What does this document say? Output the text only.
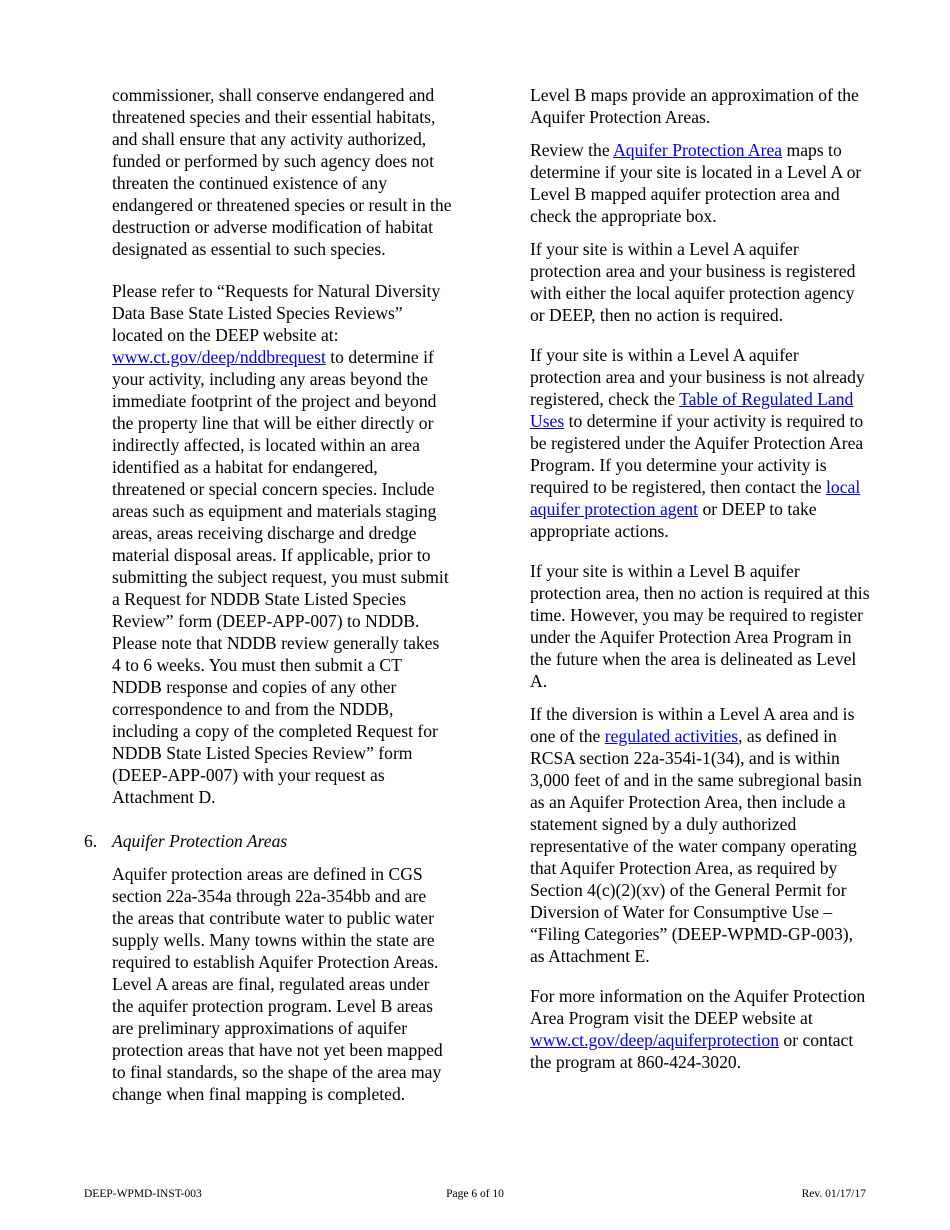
commissioner, shall conserve endangered and threatened species and their essential habitats, and shall ensure that any activity authorized, funded or performed by such agency does not threaten the continued existence of any endangered or threatened species or result in the destruction or adverse modification of habitat designated as essential to such species.

Please refer to “Requests for Natural Diversity Data Base State Listed Species Reviews” located on the DEEP website at: www.ct.gov/deep/nddbrequest to determine if your activity, including any areas beyond the immediate footprint of the project and beyond the property line that will be either directly or indirectly affected, is located within an area identified as a habitat for endangered, threatened or special concern species. Include areas such as equipment and materials staging areas, areas receiving discharge and dredge material disposal areas. If applicable, prior to submitting the subject request, you must submit a Request for NDDB State Listed Species Review” form (DEEP-APP-007) to NDDB. Please note that NDDB review generally takes 4 to 6 weeks. You must then submit a CT NDDB response and copies of any other correspondence to and from the NDDB, including a copy of the completed Request for NDDB State Listed Species Review” form (DEEP-APP-007) with your request as Attachment D.

6. Aquifer Protection Areas

Aquifer protection areas are defined in CGS section 22a-354a through 22a-354bb and are the areas that contribute water to public water supply wells. Many towns within the state are required to establish Aquifer Protection Areas. Level A areas are final, regulated areas under the aquifer protection program. Level B areas are preliminary approximations of aquifer protection areas that have not yet been mapped to final standards, so the shape of the area may change when final mapping is completed.

Level B maps provide an approximation of the Aquifer Protection Areas.

Review the Aquifer Protection Area maps to determine if your site is located in a Level A or Level B mapped aquifer protection area and check the appropriate box.

If your site is within a Level A aquifer protection area and your business is registered with either the local aquifer protection agency or DEEP, then no action is required.

If your site is within a Level A aquifer protection area and your business is not already registered, check the Table of Regulated Land Uses to determine if your activity is required to be registered under the Aquifer Protection Area Program. If you determine your activity is required to be registered, then contact the local aquifer protection agent or DEEP to take appropriate actions.

If your site is within a Level B aquifer protection area, then no action is required at this time. However, you may be required to register under the Aquifer Protection Area Program in the future when the area is delineated as Level A.

If the diversion is within a Level A area and is one of the regulated activities, as defined in RCSA section 22a-354i-1(34), and is within 3,000 feet of and in the same subregional basin as an Aquifer Protection Area, then include a statement signed by a duly authorized representative of the water company operating that Aquifer Protection Area, as required by Section 4(c)(2)(xv) of the General Permit for Diversion of Water for Consumptive Use – “Filing Categories” (DEEP-WPMD-GP-003), as Attachment E.

For more information on the Aquifer Protection Area Program visit the DEEP website at www.ct.gov/deep/aquiferprotection or contact the program at 860-424-3020.

DEEP-WPMD-INST-003	Page 6 of 10	Rev. 01/17/17
